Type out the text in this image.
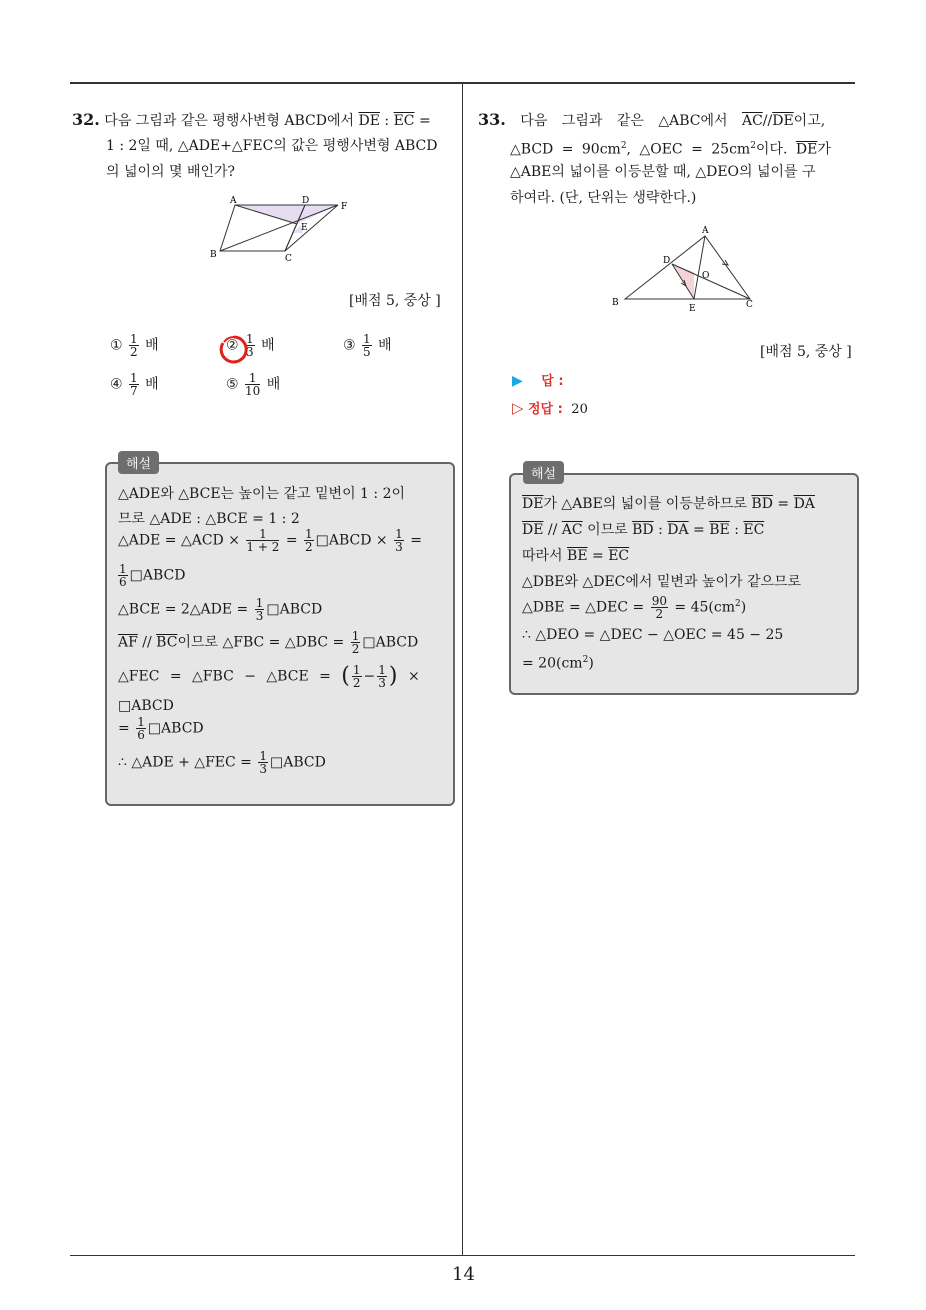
14
32. 다음 그림과 같은 평행사변형 ABCD에서 $\overline{DE}$ : $\overline{EC}$ =
1 : 2일 때, △ADE+△FEC의 값은 평행사변형 ABCD
의 넓이의 몇 배인가?
A	D
F
E
B	C
[배점 5, 중상 ]
① $\frac{1}{2}$ 배	② $\frac{1}{3}$ 배	③ $\frac{1}{5}$ 배
④ $\frac{1}{7}$ 배	⑤ $\frac{1}{10}$ 배
해설
△ADE와 △BCE는 높이는 같고 밑변이 1 : 2이
므로 △ADE : △BCE = 1 : 2
△ADE = △ACD × $\frac{1}{1 + 2} = \frac{1}{2}$ □ABCD × $\frac{1}{3}$ =
$\frac{1}{6}$ □ABCD
△BCE = 2△ADE = $\frac{1}{3}$ □ABCD
$\overline{AF} // \overline{BC}$이므로 △FBC = △DBC = $\frac{1}{2}$ □ABCD
△FEC = △FBC − △BCE = ( $\frac{1}{2} - \frac{1}{3}$ ) ×
□ABCD
= $\frac{1}{6}$ □ABCD
∴ △ADE + △FEC = $\frac{1}{3}$ □ABCD
33. 다음 그림과 같은 △ABC에서 $\overline{AC}//\overline{DE}$이고,
△BCD = $90cm^2$, △OEC = $25cm^2$이다. $\overline{DE}$가
△ABE의 넓이를 이등분할 때, △DEO의 넓이를 구
하여라. (단, 단위는 생략한다.)
A
D
O
B
E	C
[배점 5, 중상 ]
▶ 답 :
▷ 정답 : 20
해설
$\overline{DE}$가 △ABE의 넓이를 이등분하므로 $\overline{BD} = \overline{DA}$
$\overline{DE} // \overline{AC}$ 이므로 $\overline{BD}$ : $\overline{DA} = \overline{BE}$ : $\overline{EC}$
따라서 $\overline{BE} = \overline{EC}$
△DBE와 △DEC에서 밑변과 높이가 같으므로
△DBE = △DEC = $\frac{90}{2} = 45(cm^2)$
∴ △DEO = △DEC − △OEC = 45 − 25
= $20(cm^2)$
